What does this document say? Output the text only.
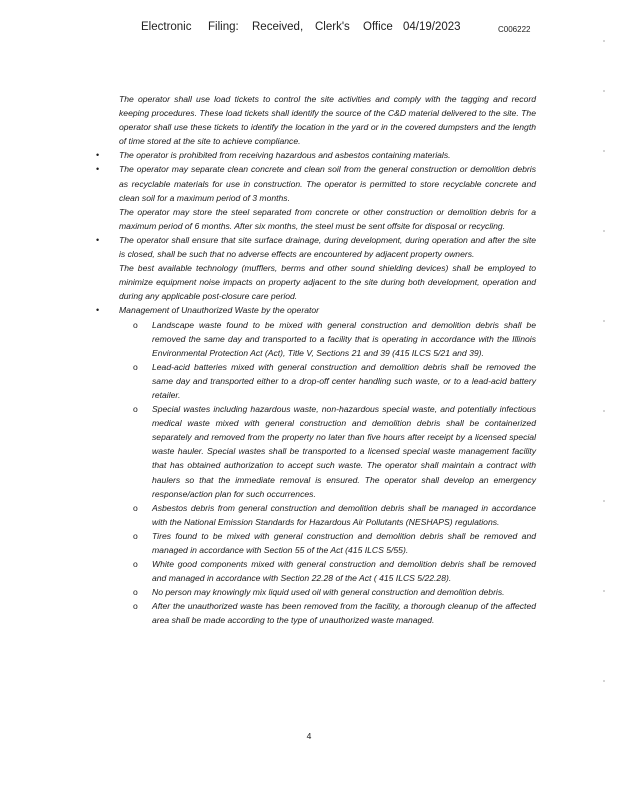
Electronic Filing: Received, Clerk's Office 04/19/2023	C006222

The operator shall use load tickets to control the site activities and comply with the tagging and record keeping procedures. These load tickets shall identify the source of the C&D material delivered to the site. The operator shall use these tickets to identify the location in the yard or in the covered dumpsters and the length of time stored at the site to achieve compliance.

•	The operator is prohibited from receiving hazardous and asbestos containing materials.

•	The operator may separate clean concrete and clean soil from the general construction or demolition debris as recyclable materials for use in construction. The operator is permitted to store recyclable concrete and clean soil for a maximum period of 3 months.

The operator may store the steel separated from concrete or other construction or demolition debris for a maximum period of 6 months. After six months, the steel must be sent offsite for disposal or recycling.

•	The operator shall ensure that site surface drainage, during development, during operation and after the site is closed, shall be such that no adverse effects are encountered by adjacent property owners.

The best available technology (mufflers, berms and other sound shielding devices) shall be employed to minimize equipment noise impacts on property adjacent to the site during both development, operation and during any applicable post-closure care period.

•	Management of Unauthorized Waste by the operator

o Landscape waste found to be mixed with general construction and demolition debris shall be removed the same day and transported to a facility that is operating in accordance with the Illinois Environmental Protection Act (Act), Title V, Sections 21 and 39 (415 ILCS 5/21 and 39).

o Lead-acid batteries mixed with general construction and demolition debris shall be removed the same day and transported either to a drop-off center handling such waste, or to a lead-acid battery retailer.

o Special wastes including hazardous waste, non-hazardous special waste, and potentially infectious medical waste mixed with general construction and demolition debris shall be containerized separately and removed from the property no later than five hours after receipt by a licensed special waste hauler. Special wastes shall be transported to a licensed special waste management facility that has obtained authorization to accept such waste. The operator shall maintain a contract with haulers so that the immediate removal is ensured. The operator shall develop an emergency response/action plan for such occurrences.

o Asbestos debris from general construction and demolition debris shall be managed in accordance with the National Emission Standards for Hazardous Air Pollutants (NESHAPS) regulations.

o Tires found to be mixed with general construction and demolition debris shall be removed and managed in accordance with Section 55 of the Act (415 ILCS 5/55).

o White good components mixed with general construction and demolition debris shall be removed and managed in accordance with Section 22.28 of the Act ( 415 ILCS 5/22.28).

o No person may knowingly mix liquid used oil with general construction and demolition debris.

o After the unauthorized waste has been removed from the facility, a thorough cleanup of the affected area shall be made according to the type of unauthorized waste managed.

4
